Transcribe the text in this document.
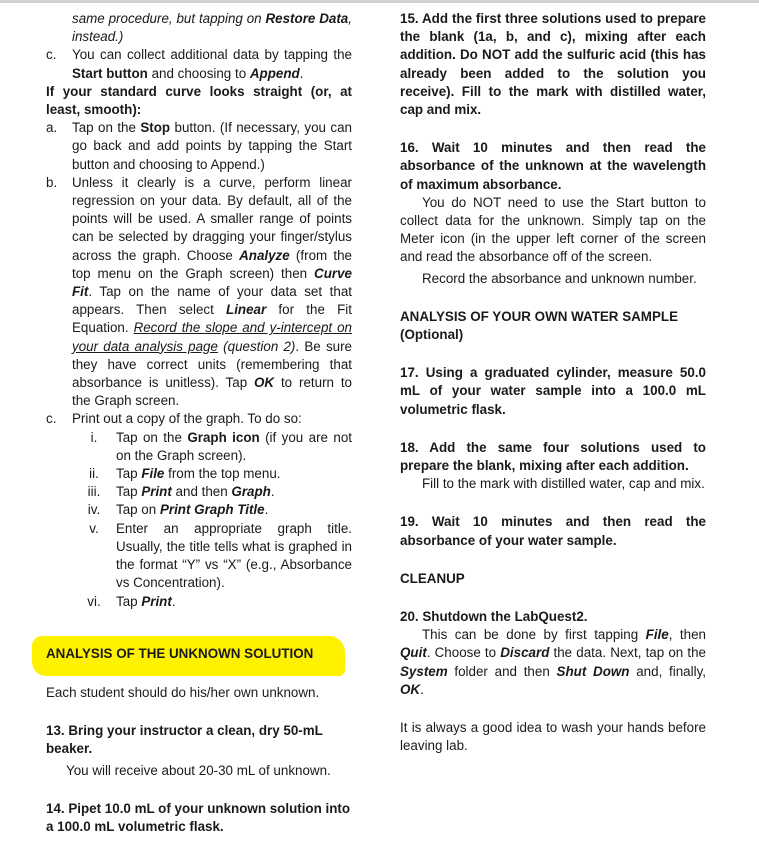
same procedure, but tapping on Restore Data, instead.)

c.	You can collect additional data by tapping the Start button and choosing to Append.

If your standard curve looks straight (or, at least, smooth):

a.	Tap on the Stop button. (If necessary, you can go back and add points by tapping the Start button and choosing to Append.)
b.	Unless it clearly is a curve, perform linear regression on your data. By default, all of the points will be used. A smaller range of points can be selected by dragging your finger/stylus across the graph. Choose Analyze (from the top menu on the Graph screen) then Curve Fit. Tap on the name of your data set that appears. Then select Linear for the Fit Equation. Record the slope and y-intercept on your data analysis page (question 2). Be sure they have correct units (remembering that absorbance is unitless). Tap OK to return to the Graph screen.
c.	Print out a copy of the graph. To do so:
i.	Tap on the Graph icon (if you are not on the Graph screen).
ii.	Tap File from the top menu.
iii.	Tap Print and then Graph.
iv.	Tap on Print Graph Title.
v.	Enter an appropriate graph title. Usually, the title tells what is graphed in the format “Y” vs “X” (e.g., Absorbance vs Concentration).
vi.	Tap Print.
ANALYSIS OF THE UNKNOWN SOLUTION

Each student should do his/her own unknown.

13. Bring your instructor a clean, dry 50-mL beaker.

You will receive about 20-30 mL of unknown.

14. Pipet 10.0 mL of your unknown solution into a 100.0 mL volumetric flask.

15. Add the first three solutions used to prepare the blank (1a, b, and c), mixing after each addition. Do NOT add the sulfuric acid (this has already been added to the solution you receive). Fill to the mark with distilled water, cap and mix.

16. Wait 10 minutes and then read the absorbance of the unknown at the wavelength of maximum absorbance.

You do NOT need to use the Start button to collect data for the unknown. Simply tap on the Meter icon (in the upper left corner of the screen and read the absorbance off of the screen.

Record the absorbance and unknown number.

ANALYSIS OF YOUR OWN WATER SAMPLE (Optional)

17. Using a graduated cylinder, measure 50.0 mL of your water sample into a 100.0 mL volumetric flask.

18. Add the same four solutions used to prepare the blank, mixing after each addition.

Fill to the mark with distilled water, cap and mix.

19. Wait 10 minutes and then read the absorbance of your water sample.

CLEANUP

20. Shutdown the LabQuest2.

This can be done by first tapping File, then Quit. Choose to Discard the data. Next, tap on the System folder and then Shut Down and, finally, OK.

It is always a good idea to wash your hands before leaving lab.
